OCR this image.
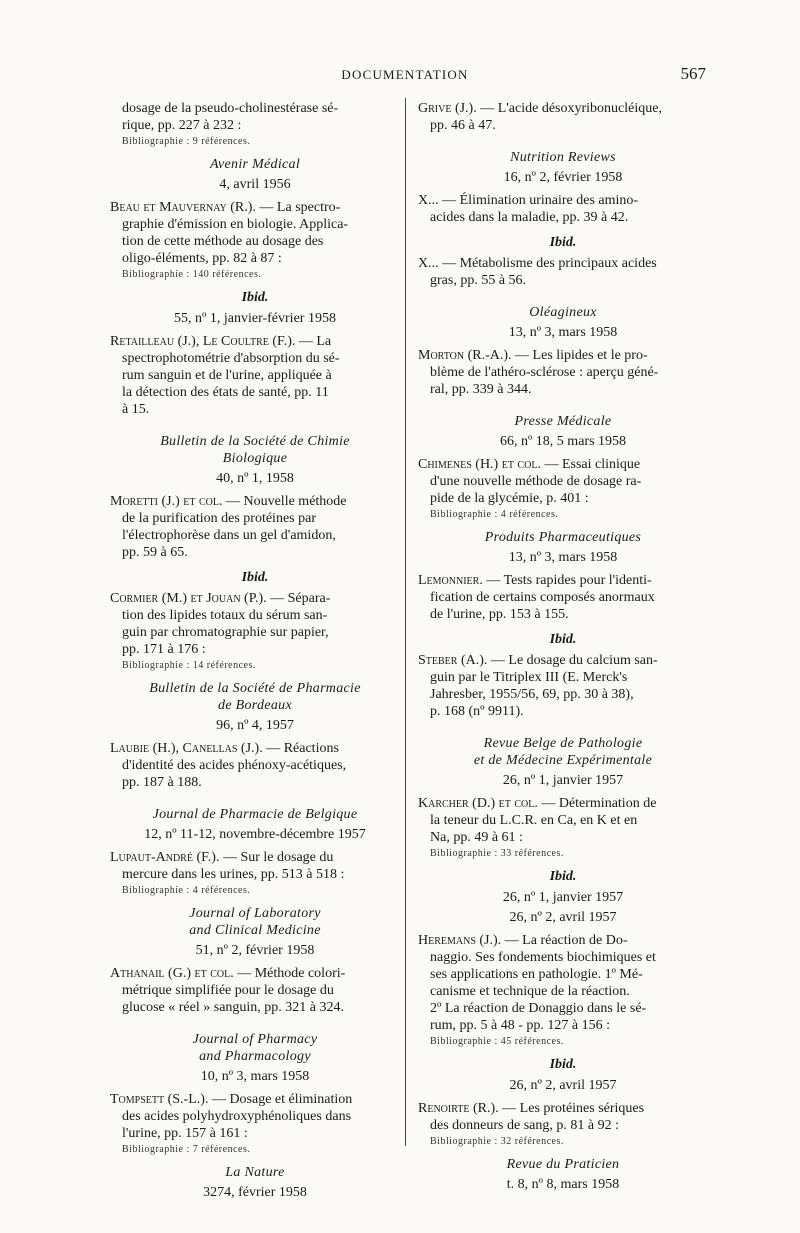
DOCUMENTATION	567
dosage de la pseudo-cholinestérase sé-
rique, pp. 227 à 232 :
Bibliographie : 9 références.
Avenir Médical
4, avril 1956
Beau et Mauvernay (R.). — La spectro-
graphie d'émission en biologie. Applica-
tion de cette méthode au dosage des
oligo-éléments, pp. 82 à 87 :
Bibliographie : 140 références.
Ibid.
55, nº 1, janvier-février 1958
Retailleau (J.), Le Coultre (F.). — La
spectrophotométrie d'absorption du sé-
rum sanguin et de l'urine, appliquée à
la détection des états de santé, pp. 11
à 15.
Bulletin de la Société de Chimie
Biologique
40, nº 1, 1958
Moretti (J.) et col. — Nouvelle méthode
de la purification des protéines par
l'électrophorèse dans un gel d'amidon,
pp. 59 à 65.
Ibid.
Cormier (M.) et Jouan (P.). — Sépara-
tion des lipides totaux du sérum san-
guin par chromatographie sur papier,
pp. 171 à 176 :
Bibliographie : 14 références.
Bulletin de la Société de Pharmacie
de Bordeaux
96, nº 4, 1957
Laubie (H.), Canellas (J.). — Réactions
d'identité des acides phénoxy-acétiques,
pp. 187 à 188.
Journal de Pharmacie de Belgique
12, nº 11-12, novembre-décembre 1957
Lupaut-André (F.). — Sur le dosage du
mercure dans les urines, pp. 513 à 518 :
Bibliographie : 4 références.
Journal of Laboratory
and Clinical Medicine
51, nº 2, février 1958
Athanail (G.) et col. — Méthode colori-
métrique simplifiée pour le dosage du
glucose « réel » sanguin, pp. 321 à 324.
Journal of Pharmacy
and Pharmacology
10, nº 3, mars 1958
Tompsett (S.-L.). — Dosage et élimination
des acides polyhydroxyphénoliques dans
l'urine, pp. 157 à 161 :
Bibliographie : 7 références.
La Nature
3274, février 1958
Grive (J.). — L'acide désoxyribonucléique,
pp. 46 à 47.
Nutrition Reviews
16, nº 2, février 1958
X... — Élimination urinaire des amino-
acides dans la maladie, pp. 39 à 42.
Ibid.
X... — Métabolisme des principaux acides
gras, pp. 55 à 56.
Oléagineux
13, nº 3, mars 1958
Morton (R.-A.). — Les lipides et le pro-
blème de l'athéro-sclérose : aperçu géné-
ral, pp. 339 à 344.
Presse Médicale
66, nº 18, 5 mars 1958
Chimenes (H.) et col. — Essai clinique
d'une nouvelle méthode de dosage ra-
pide de la glycémie, p. 401 :
Bibliographie : 4 références.
Produits Pharmaceutiques
13, nº 3, mars 1958
Lemonnier. — Tests rapides pour l'identi-
fication de certains composés anormaux
de l'urine, pp. 153 à 155.
Ibid.
Steber (A.). — Le dosage du calcium san-
guin par le Titriplex III (E. Merck's
Jahresber, 1955/56, 69, pp. 30 à 38),
p. 168 (nº 9911).
Revue Belge de Pathologie
et de Médecine Expérimentale
26, nº 1, janvier 1957
Karcher (D.) et col. — Détermination de
la teneur du L.C.R. en Ca, en K et en
Na, pp. 49 à 61 :
Bibliographie : 33 références.
Ibid.
26, nº 1, janvier 1957
26, nº 2, avril 1957
Heremans (J.). — La réaction de Do-
naggio. Ses fondements biochimiques et
ses applications en pathologie. 1º Mé-
canisme et technique de la réaction.
2º La réaction de Donaggio dans le sé-
rum, pp. 5 à 48 - pp. 127 à 156 :
Bibliographie : 45 références.
Ibid.
26, nº 2, avril 1957
Renoirte (R.). — Les protéines sériques
des donneurs de sang, p. 81 à 92 :
Bibliographie : 32 références.
Revue du Praticien
t. 8, nº 8, mars 1958
